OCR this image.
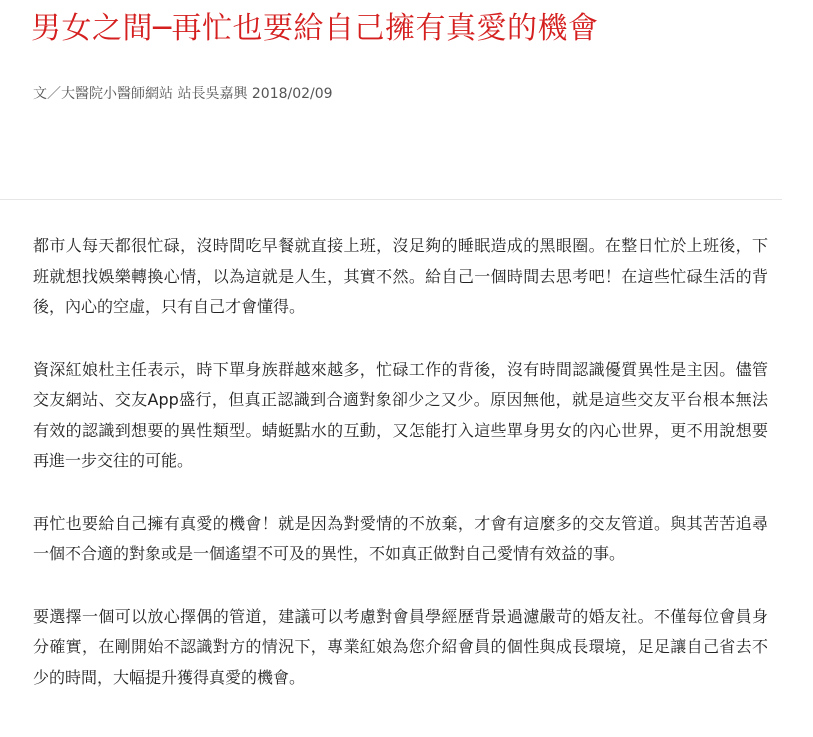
男女之間─再忙也要給自己擁有真愛的機會
文／大醫院小醫師網站 站長吳嘉興 2018/02/09

都市人每天都很忙碌，沒時間吃早餐就直接上班，沒足夠的睡眠造成的黑眼圈。在整日忙於上班後，下班就想找娛樂轉換心情，以為這就是人生，其實不然。給自己一個時間去思考吧！在這些忙碌生活的背後，內心的空虛，只有自己才會懂得。

資深紅娘杜主任表示，時下單身族群越來越多，忙碌工作的背後，沒有時間認識優質異性是主因。儘管交友網站、交友App盛行，但真正認識到合適對象卻少之又少。原因無他，就是這些交友平台根本無法有效的認識到想要的異性類型。蜻蜓點水的互動，又怎能打入這些單身男女的內心世界，更不用說想要再進一步交往的可能。

再忙也要給自己擁有真愛的機會！就是因為對愛情的不放棄，才會有這麼多的交友管道。與其苦苦追尋一個不合適的對象或是一個遙望不可及的異性，不如真正做對自己愛情有效益的事。

要選擇一個可以放心擇偶的管道，建議可以考慮對會員學經歷背景過濾嚴苛的婚友社。不僅每位會員身分確實，在剛開始不認識對方的情況下，專業紅娘為您介紹會員的個性與成長環境，足足讓自己省去不少的時間，大幅提升獲得真愛的機會。
